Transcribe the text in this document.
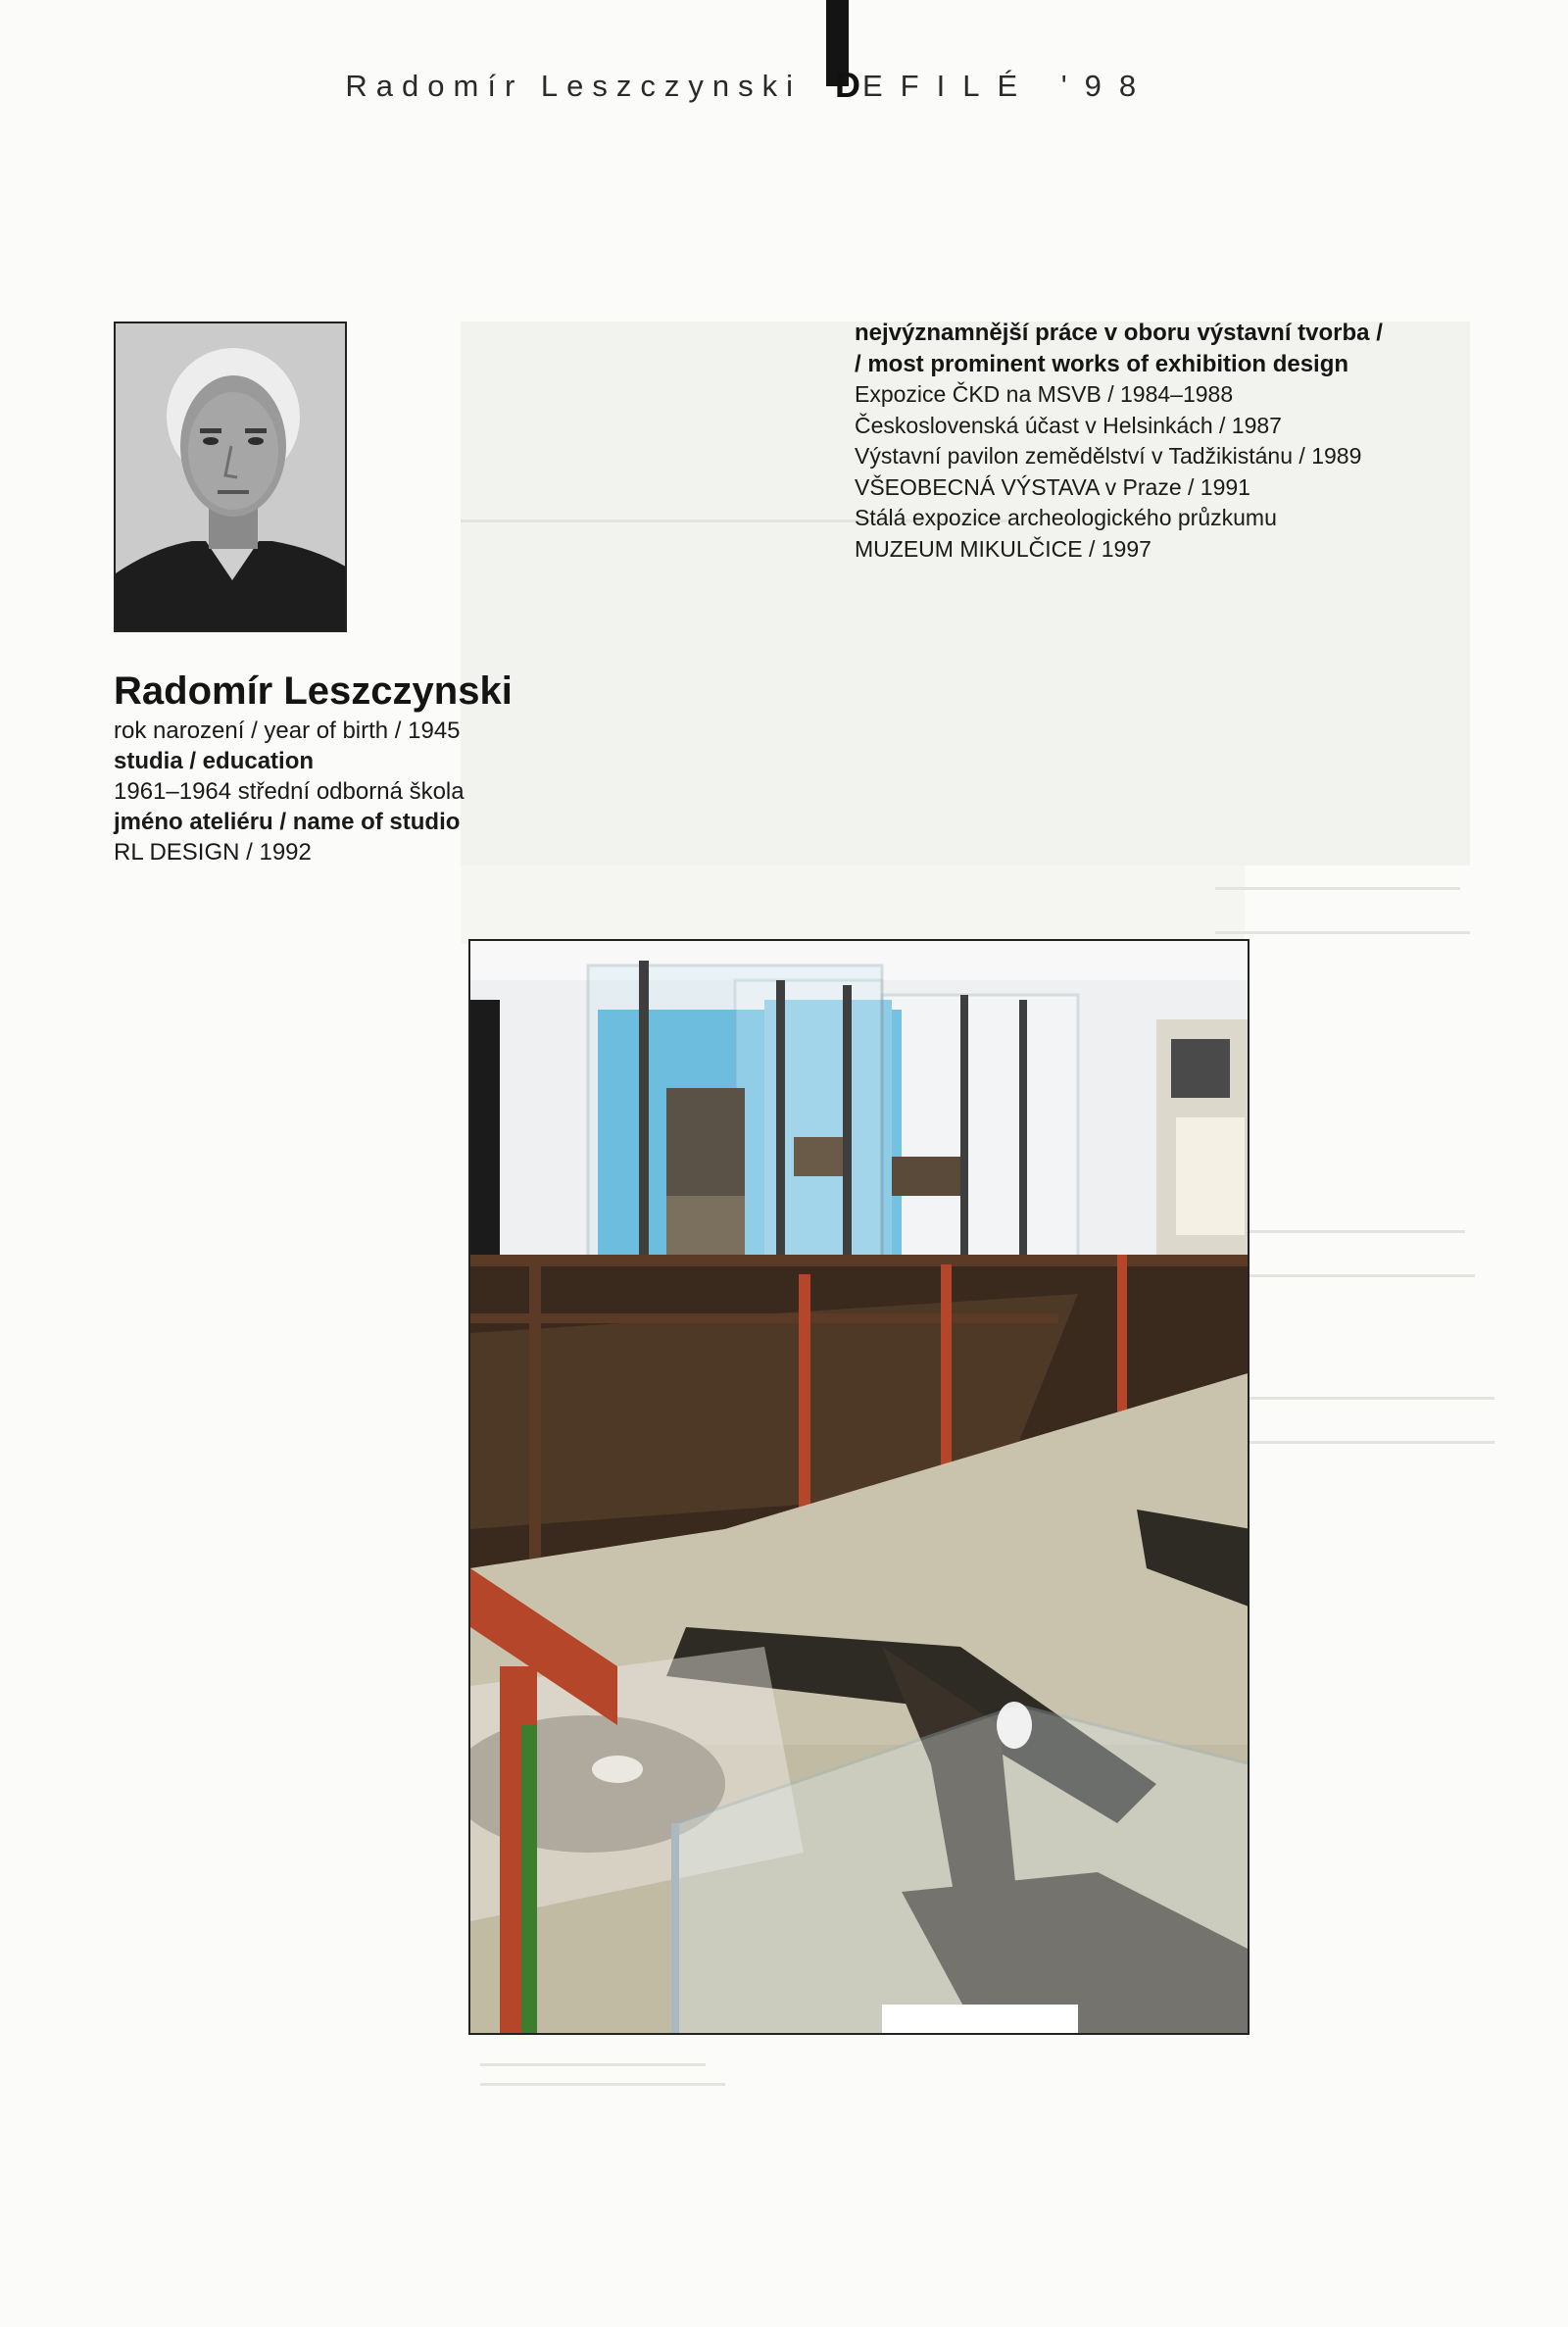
Radomír Leszczynski D EFILÉ '98
nejvýznamnější práce v oboru výstavní tvorba /
/ most prominent works of exhibition design
Expozice ČKD na MSVB / 1984–1988
Československá účast v Helsinkách / 1987
Výstavní pavilon zemědělství v Tadžikistánu / 1989
VŠEOBECNÁ VÝSTAVA v Praze / 1991
Stálá expozice archeologického průzkumu
MUZEUM MIKULČICE / 1997
Radomír Leszczynski
rok narození / year of birth / 1945
studia / education
1961–1964 střední odborná škola
jméno ateliéru / name of studio
RL DESIGN / 1992
